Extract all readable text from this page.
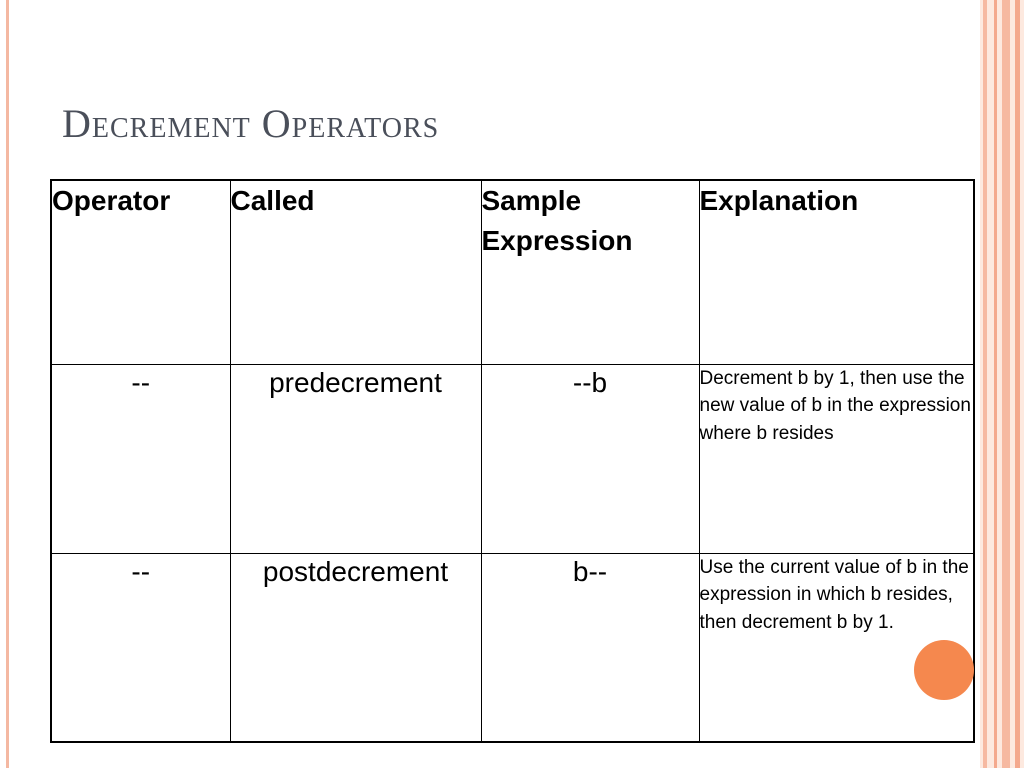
Decrement Operators
Operator	Called	Sample Expression	Explanation
--	predecrement	--b	Decrement b by 1, then use the new value of b in the expression where b resides
--	postdecrement	b--	Use the current value of b in the expression in which b resides, then decrement b by 1.
